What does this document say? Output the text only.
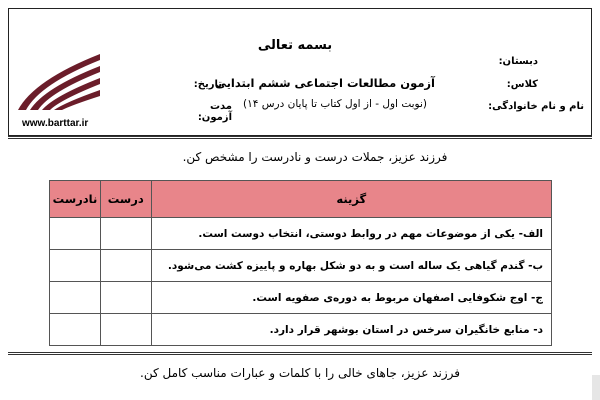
www.barttar.ir
بسمه تعالی
دبستان:
کلاس:
نام و نام خانوادگی:
تاریخ:
مدت آزمون:
آزمون مطالعات اجتماعی ششم ابتدایی
(نوبت اول - از اول کتاب تا پایان درس ۱۴)
فرزند عزیز، جملات درست و نادرست را مشخص کن.
گزینه	درست	نادرست
الف- یکی از موضوعات مهم در روابط دوستی، انتخاب دوست است.		
ب- گندم گیاهی یک ساله است و به دو شکل بهاره و پاییزه کشت می‌شود.		
ج- اوج شکوفایی اصفهان مربوط به دوره‌ی صفویه است.		
د- منابع خانگیران سرخس در استان بوشهر قرار دارد.		
فرزند عزیز، جاهای خالی را با کلمات و عبارات مناسب کامل کن.
